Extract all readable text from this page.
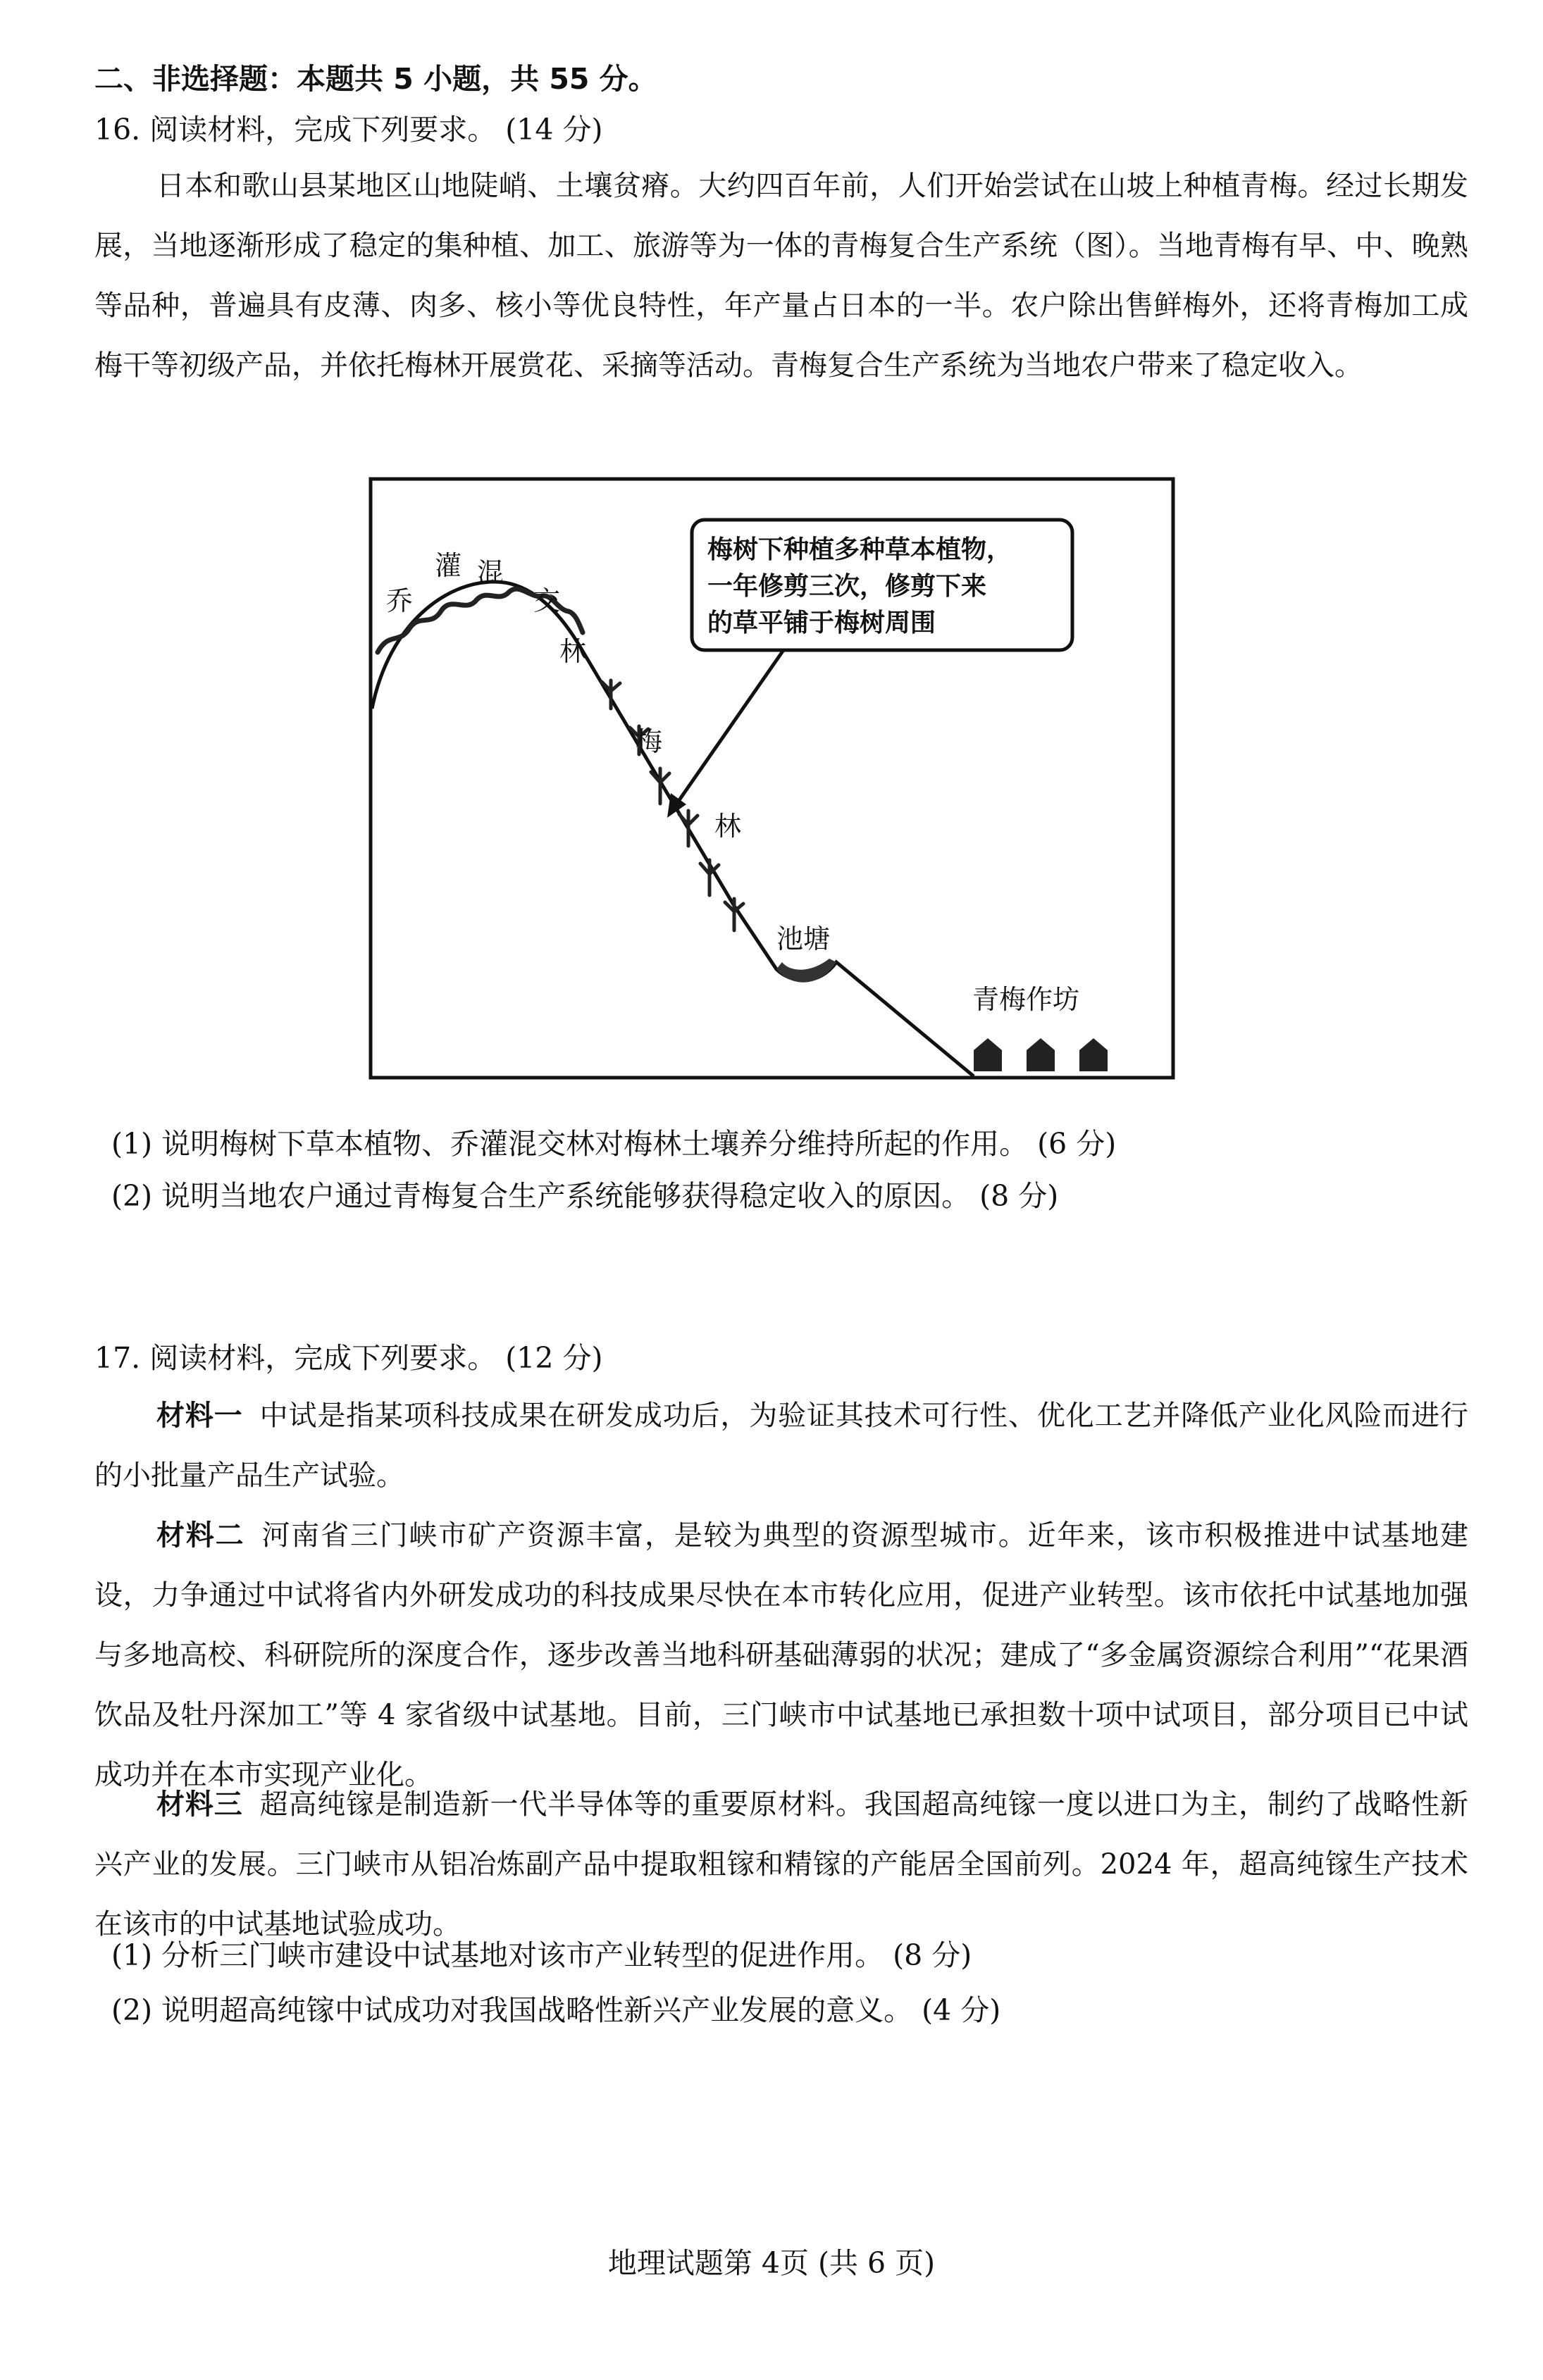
二、非选择题：本题共 5 小题，共 55 分。
16. 阅读材料，完成下列要求。 (14 分)
日本和歌山县某地区山地陡峭、土壤贫瘠。大约四百年前，人们开始尝试在山坡上种植青梅。经过长期发展，当地逐渐形成了稳定的集种植、加工、旅游等为一体的青梅复合生产系统（图）。当地青梅有早、中、晚熟等品种，普遍具有皮薄、肉多、核小等优良特性，年产量占日本的一半。农户除出售鲜梅外，还将青梅加工成梅干等初级产品，并依托梅林开展赏花、采摘等活动。青梅复合生产系统为当地农户带来了稳定收入。
乔
灌 混
交
林
梅
林
池塘
青梅作坊
梅树下种植多种草本植物，
一年修剪三次，修剪下来
的草平铺于梅树周围
(1) 说明梅树下草本植物、乔灌混交林对梅林土壤养分维持所起的作用。 (6 分)
(2) 说明当地农户通过青梅复合生产系统能够获得稳定收入的原因。 (8 分)
17. 阅读材料，完成下列要求。 (12 分)
材料一 中试是指某项科技成果在研发成功后，为验证其技术可行性、优化工艺并降低产业化风险而进行的小批量产品生产试验。
材料二 河南省三门峡市矿产资源丰富，是较为典型的资源型城市。近年来，该市积极推进中试基地建设，力争通过中试将省内外研发成功的科技成果尽快在本市转化应用，促进产业转型。该市依托中试基地加强与多地高校、科研院所的深度合作，逐步改善当地科研基础薄弱的状况；建成了“多金属资源综合利用”“花果酒饮品及牡丹深加工”等 4 家省级中试基地。目前，三门峡市中试基地已承担数十项中试项目，部分项目已中试成功并在本市实现产业化。
材料三 超高纯镓是制造新一代半导体等的重要原材料。我国超高纯镓一度以进口为主，制约了战略性新兴产业的发展。三门峡市从铝冶炼副产品中提取粗镓和精镓的产能居全国前列。2024 年，超高纯镓生产技术在该市的中试基地试验成功。
(1) 分析三门峡市建设中试基地对该市产业转型的促进作用。 (8 分)
(2) 说明超高纯镓中试成功对我国战略性新兴产业发展的意义。 (4 分)
地理试题第 4页 (共 6 页)
